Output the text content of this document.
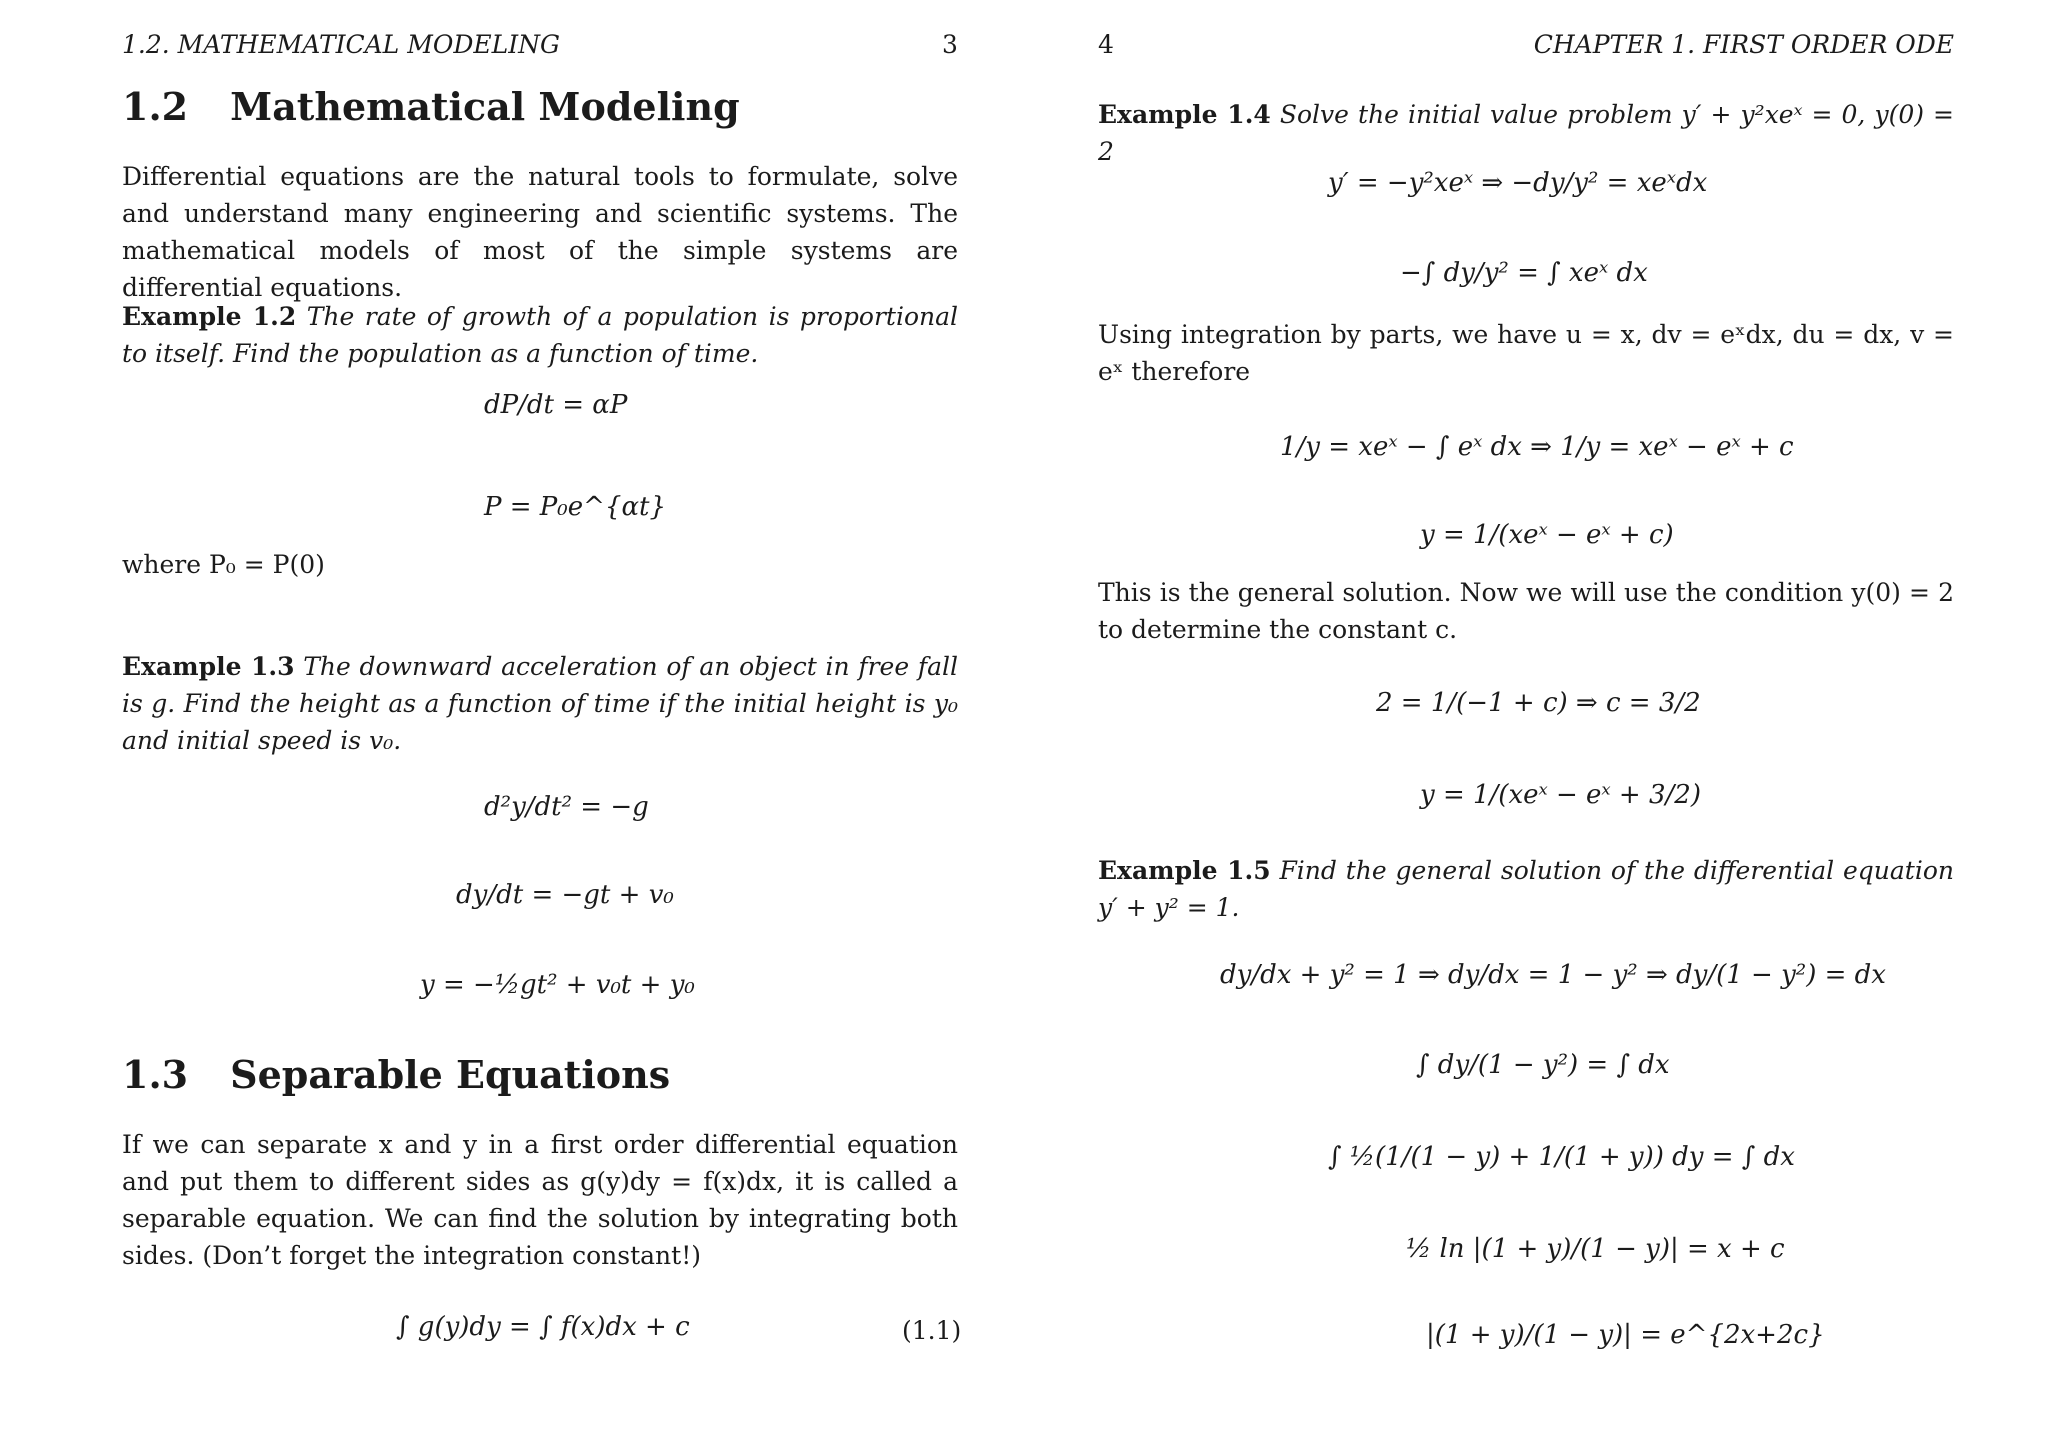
1.2. MATHEMATICAL MODELING	3
1.2 Mathematical Modeling
Differential equations are the natural tools to formulate, solve and understand many engineering and scientific systems. The mathematical models of most of the simple systems are differential equations.
Example 1.2 The rate of growth of a population is proportional to itself. Find the population as a function of time.
dP/dt = αP
P = P₀e^{αt}
where P₀ = P(0)
Example 1.3 The downward acceleration of an object in free fall is g. Find the height as a function of time if the initial height is y₀ and initial speed is v₀.
d²y/dt² = −g
dy/dt = −gt + v₀
y = −½gt² + v₀t + y₀
1.3 Separable Equations
If we can separate x and y in a first order differential equation and put them to different sides as g(y)dy = f(x)dx, it is called a separable equation. We can find the solution by integrating both sides. (Don’t forget the integration constant!)
∫ g(y)dy = ∫ f(x)dx + c	(1.1)
4	CHAPTER 1. FIRST ORDER ODE
Example 1.4 Solve the initial value problem y′ + y²xeˣ = 0, y(0) = 2
y′ = −y²xeˣ ⇒ −dy/y² = xeˣdx
−∫ dy/y² = ∫ xeˣ dx
Using integration by parts, we have u = x, dv = eˣdx, du = dx, v = eˣ therefore
1/y = xeˣ − ∫ eˣ dx ⇒ 1/y = xeˣ − eˣ + c
y = 1/(xeˣ − eˣ + c)
This is the general solution. Now we will use the condition y(0) = 2 to determine the constant c.
2 = 1/(−1 + c) ⇒ c = 3/2
y = 1/(xeˣ − eˣ + 3/2)
Example 1.5 Find the general solution of the differential equation y′ + y² = 1.
dy/dx + y² = 1 ⇒ dy/dx = 1 − y² ⇒ dy/(1 − y²) = dx
∫ dy/(1 − y²) = ∫ dx
∫ ½(1/(1 − y) + 1/(1 + y)) dy = ∫ dx
½ ln |(1 + y)/(1 − y)| = x + c
|(1 + y)/(1 − y)| = e^{2x+2c}
